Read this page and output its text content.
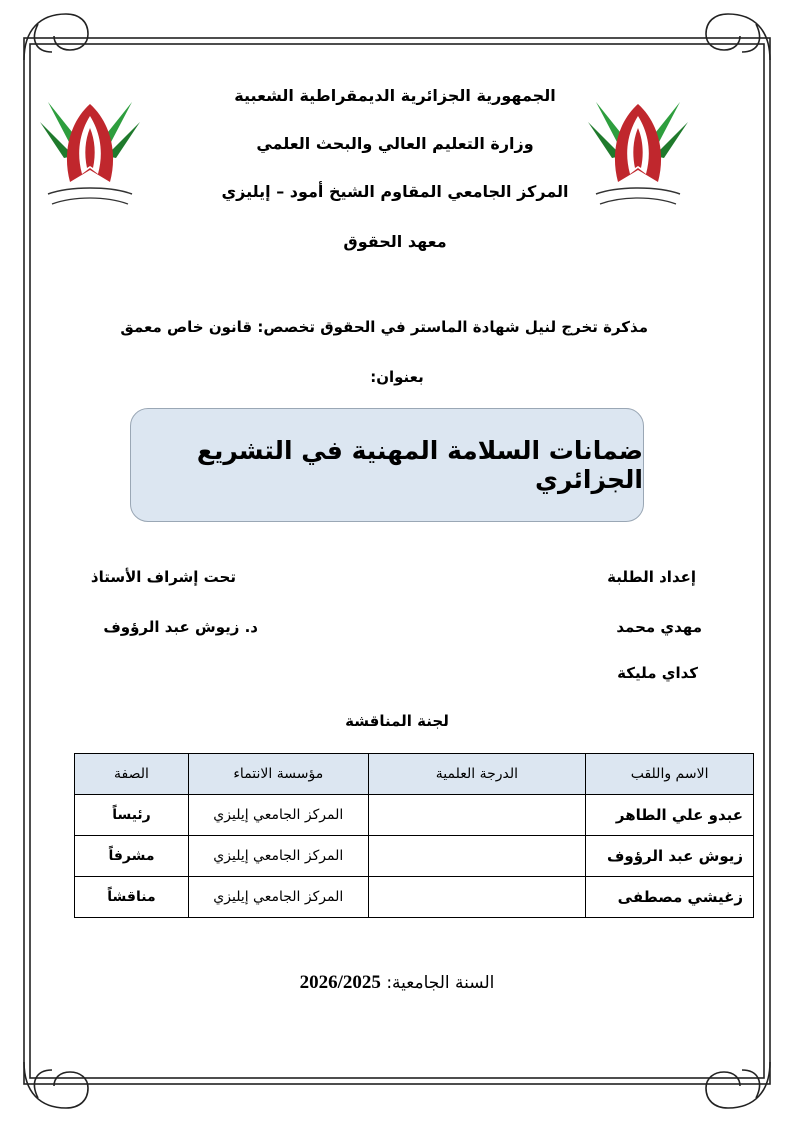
الجمهورية الجزائرية الديمقراطية الشعبية
وزارة التعليم العالي والبحث العلمي
المركز الجامعي المقاوم الشيخ أمود – إيليزي
معهد الحقوق
مذكرة تخرج لنيل شهادة الماستر في الحقوق تخصص: قانون خاص معمق
بعنوان:
ضمانات السلامة المهنية في التشريع الجزائري
إعداد الطلبة
مهدي محمد
كداي مليكة
تحت إشراف الأستاذ
د. زيوش عبد الرؤوف
لجنة المناقشة
الاسم واللقب	الدرجة العلمية	مؤسسة الانتماء	الصفة
عبدو علي الطاهر		المركز الجامعي إيليزي	رئيساً
زيوش عبد الرؤوف		المركز الجامعي إيليزي	مشرفاً
زغيشي مصطفى		المركز الجامعي إيليزي	مناقشاً
السنة الجامعية: 2026/2025
